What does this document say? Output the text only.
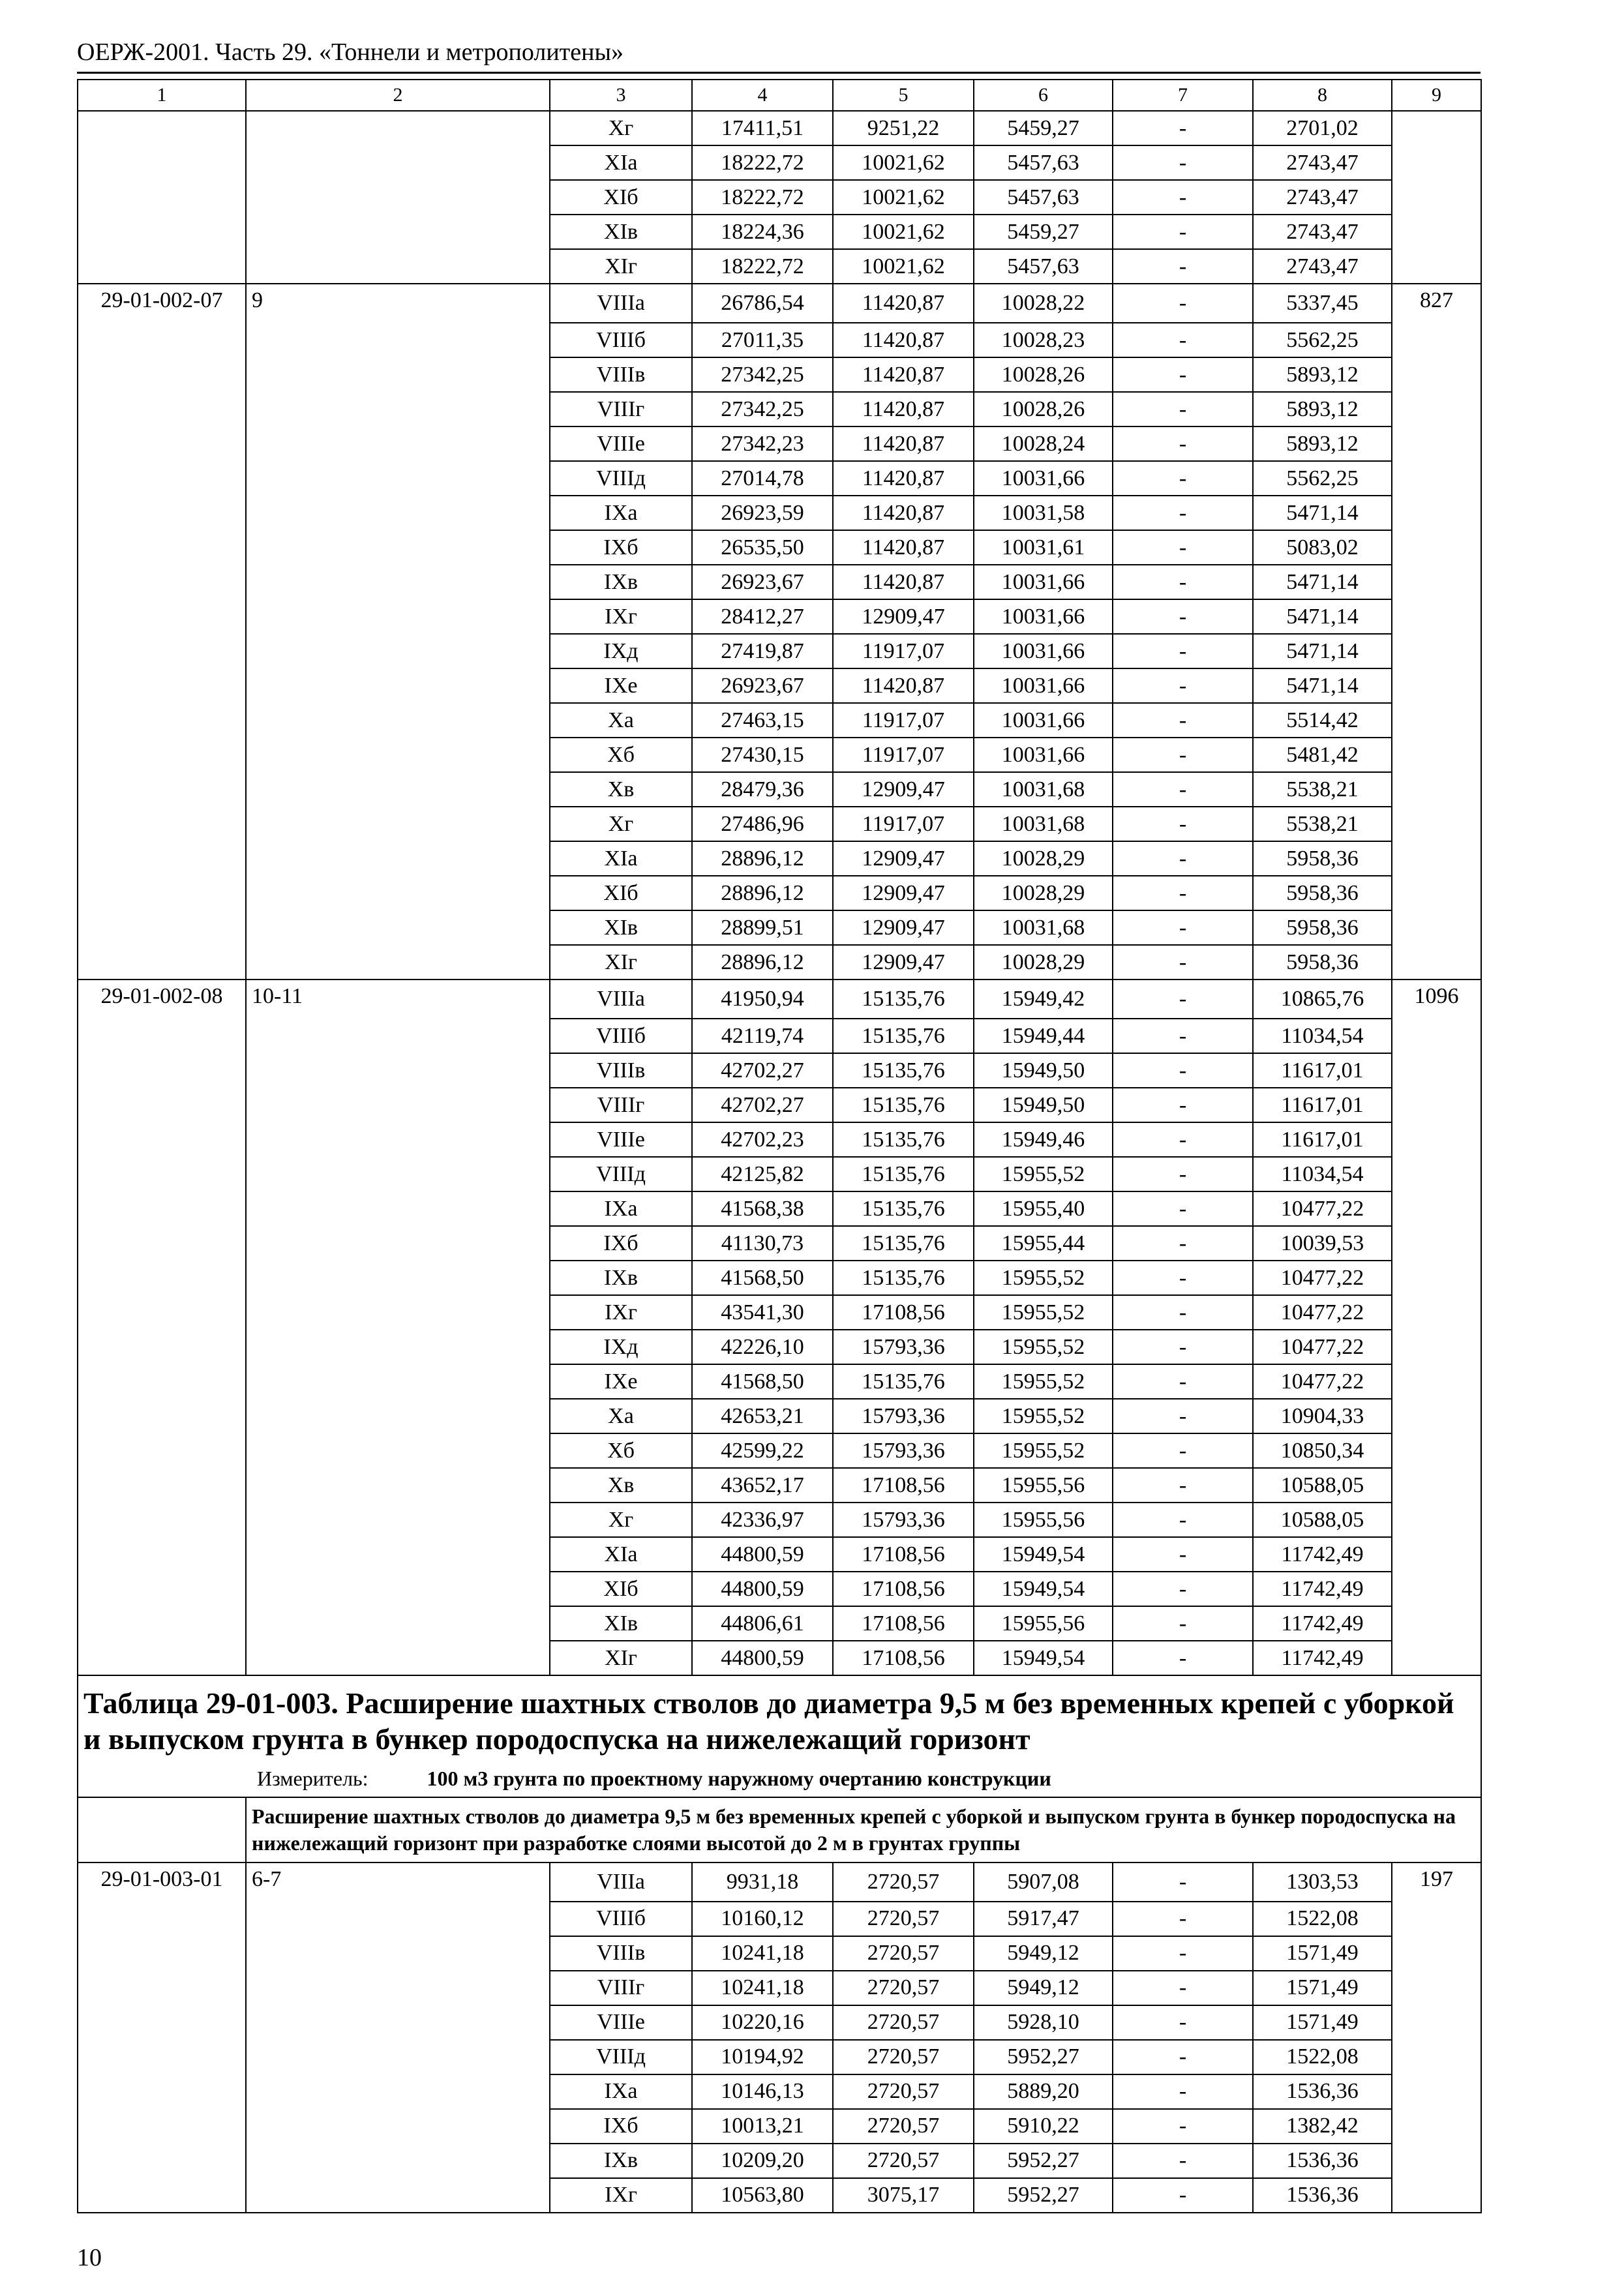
ОЕРЖ-2001. Часть 29. «Тоннели и метрополитены»
1	2	3	4	5	6	7	8	9
		Xг	17411,51	9251,22	5459,27	-	2701,02	
		XIа	18222,72	10021,62	5457,63	-	2743,47	
		XIб	18222,72	10021,62	5457,63	-	2743,47	
		XIв	18224,36	10021,62	5459,27	-	2743,47	
		XIг	18222,72	10021,62	5457,63	-	2743,47	
29-01-002-07	9	VIIIа	26786,54	11420,87	10028,22	-	5337,45	827
		VIIIб	27011,35	11420,87	10028,23	-	5562,25	
		VIIIв	27342,25	11420,87	10028,26	-	5893,12	
		VIIIг	27342,25	11420,87	10028,26	-	5893,12	
		VIIIе	27342,23	11420,87	10028,24	-	5893,12	
		VIIIд	27014,78	11420,87	10031,66	-	5562,25	
		IXа	26923,59	11420,87	10031,58	-	5471,14	
		IXб	26535,50	11420,87	10031,61	-	5083,02	
		IXв	26923,67	11420,87	10031,66	-	5471,14	
		IXг	28412,27	12909,47	10031,66	-	5471,14	
		IXд	27419,87	11917,07	10031,66	-	5471,14	
		IXе	26923,67	11420,87	10031,66	-	5471,14	
		Xа	27463,15	11917,07	10031,66	-	5514,42	
		Xб	27430,15	11917,07	10031,66	-	5481,42	
		Xв	28479,36	12909,47	10031,68	-	5538,21	
		Xг	27486,96	11917,07	10031,68	-	5538,21	
		XIа	28896,12	12909,47	10028,29	-	5958,36	
		XIб	28896,12	12909,47	10028,29	-	5958,36	
		XIв	28899,51	12909,47	10031,68	-	5958,36	
		XIг	28896,12	12909,47	10028,29	-	5958,36	
29-01-002-08	10-11	VIIIа	41950,94	15135,76	15949,42	-	10865,76	1096
		VIIIб	42119,74	15135,76	15949,44	-	11034,54	
		VIIIв	42702,27	15135,76	15949,50	-	11617,01	
		VIIIг	42702,27	15135,76	15949,50	-	11617,01	
		VIIIе	42702,23	15135,76	15949,46	-	11617,01	
		VIIIд	42125,82	15135,76	15955,52	-	11034,54	
		IXа	41568,38	15135,76	15955,40	-	10477,22	
		IXб	41130,73	15135,76	15955,44	-	10039,53	
		IXв	41568,50	15135,76	15955,52	-	10477,22	
		IXг	43541,30	17108,56	15955,52	-	10477,22	
		IXд	42226,10	15793,36	15955,52	-	10477,22	
		IXе	41568,50	15135,76	15955,52	-	10477,22	
		Xа	42653,21	15793,36	15955,52	-	10904,33	
		Xб	42599,22	15793,36	15955,52	-	10850,34	
		Xв	43652,17	17108,56	15955,56	-	10588,05	
		Xг	42336,97	15793,36	15955,56	-	10588,05	
		XIа	44800,59	17108,56	15949,54	-	11742,49	
		XIб	44800,59	17108,56	15949,54	-	11742,49	
		XIв	44806,61	17108,56	15955,56	-	11742,49	
		XIг	44800,59	17108,56	15949,54	-	11742,49	
Таблица 29-01-003. Расширение шахтных стволов до диаметра 9,5 м без временных крепей с уборкой и выпуском грунта в бункер породоспуска на нижележащий горизонт
Измеритель: 100 м3 грунта по проектному наружному очертанию конструкции								

	Расширение шахтных стволов до диаметра 9,5 м без временных крепей с уборкой и выпуском грунта в бункер породоспуска на нижележащий горизонт при разработке слоями высотой до 2 м в грунтах группы							
29-01-003-01	6-7	VIIIа	9931,18	2720,57	5907,08	-	1303,53	197
		VIIIб	10160,12	2720,57	5917,47	-	1522,08	
		VIIIв	10241,18	2720,57	5949,12	-	1571,49	
		VIIIг	10241,18	2720,57	5949,12	-	1571,49	
		VIIIе	10220,16	2720,57	5928,10	-	1571,49	
		VIIIд	10194,92	2720,57	5952,27	-	1522,08	
		IXа	10146,13	2720,57	5889,20	-	1536,36	
		IXб	10013,21	2720,57	5910,22	-	1382,42	
		IXв	10209,20	2720,57	5952,27	-	1536,36	
		IXг	10563,80	3075,17	5952,27	-	1536,36	
10
